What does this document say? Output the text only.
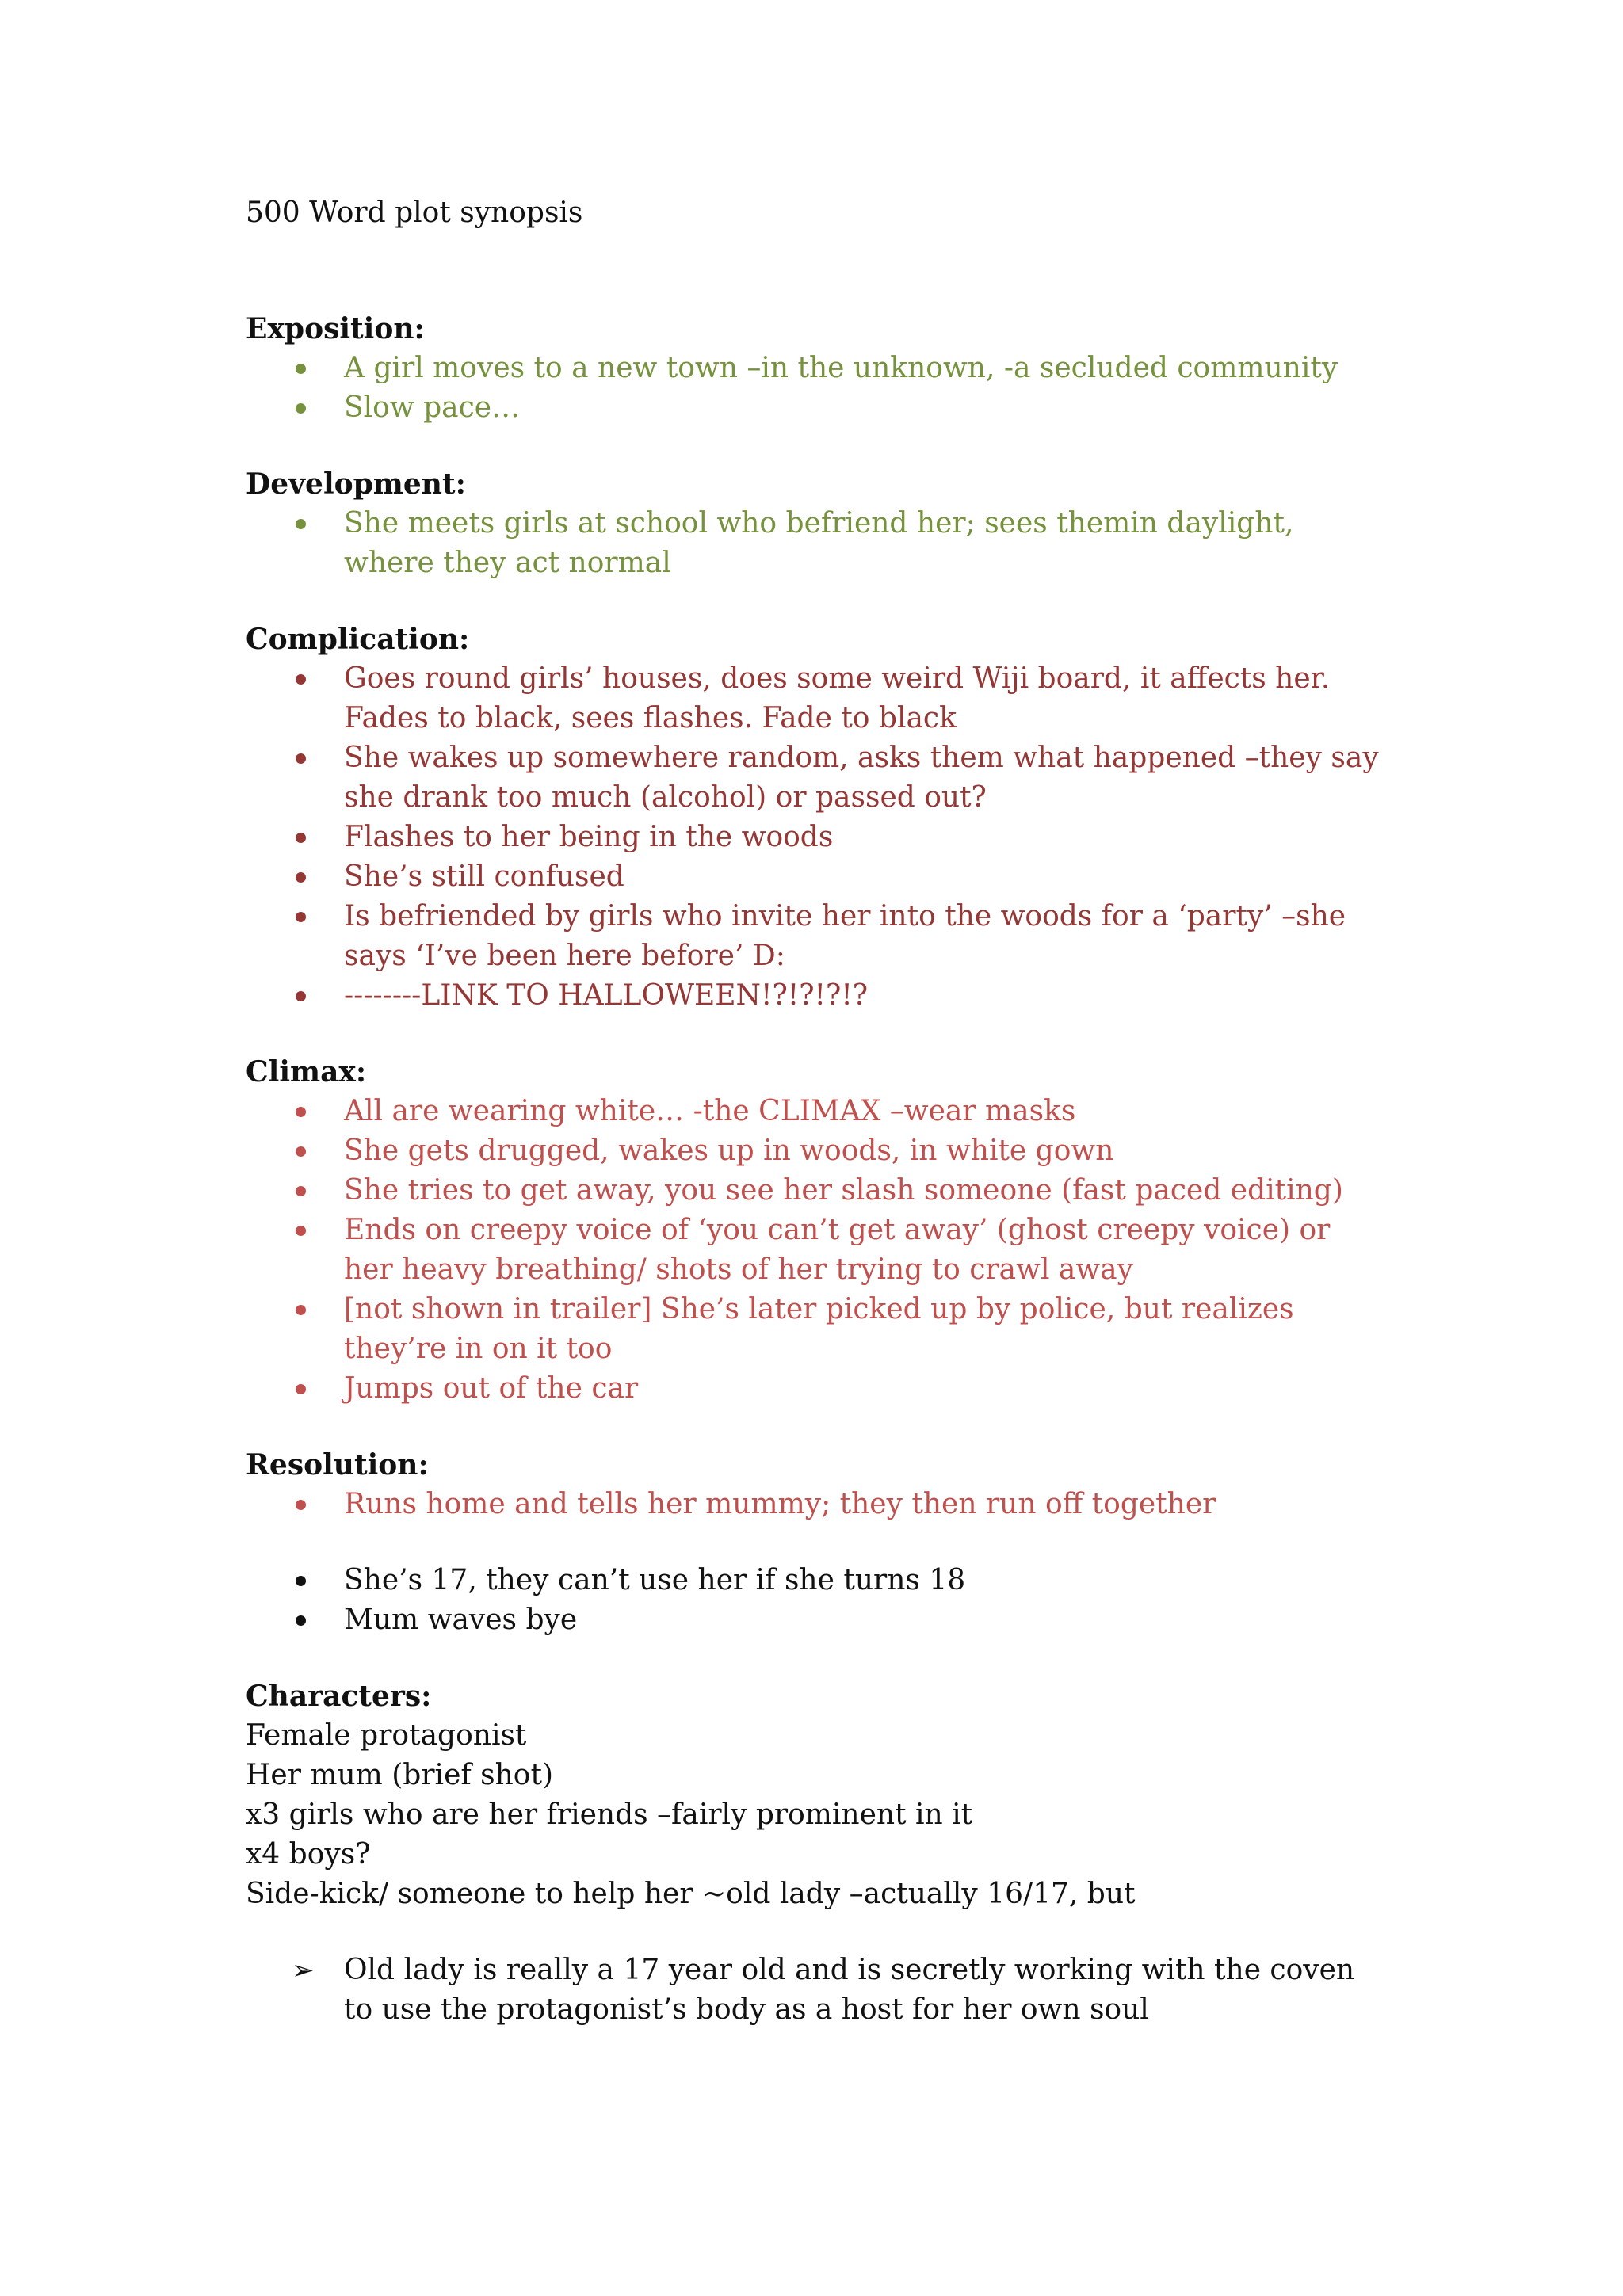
500 Word plot synopsis
Exposition:
A girl moves to a new town –in the unknown, -a secluded community
Slow pace…
Development:
She meets girls at school who befriend her; sees themin daylight, where they act normal
Complication:
Goes round girls’ houses, does some weird Wiji board, it affects her. Fades to black, sees flashes. Fade to black
She wakes up somewhere random, asks them what happened –they say she drank too much (alcohol) or passed out?
Flashes to her being in the woods
She’s still confused
Is befriended by girls who invite her into the woods for a ‘party’ –she says ‘I’ve been here before’ D:
--------LINK TO HALLOWEEN!?!?!?!?
Climax:
All are wearing white… -the CLIMAX –wear masks
She gets drugged, wakes up in woods, in white gown
She tries to get away, you see her slash someone (fast paced editing)
Ends on creepy voice of ‘you can’t get away’ (ghost creepy voice) or her heavy breathing/ shots of her trying to crawl away
[not shown in trailer] She’s later picked up by police, but realizes they’re in on it too
Jumps out of the car
Resolution:
Runs home and tells her mummy; they then run off together
She’s 17, they can’t use her if she turns 18
Mum waves bye
Characters:

Female protagonist

Her mum (brief shot)

x3 girls who are her friends –fairly prominent in it

x4 boys?

Side-kick/ someone to help her ~old lady –actually 16/17, but

➢ Old lady is really a 17 year old and is secretly working with the coven to use the protagonist’s body as a host for her own soul
